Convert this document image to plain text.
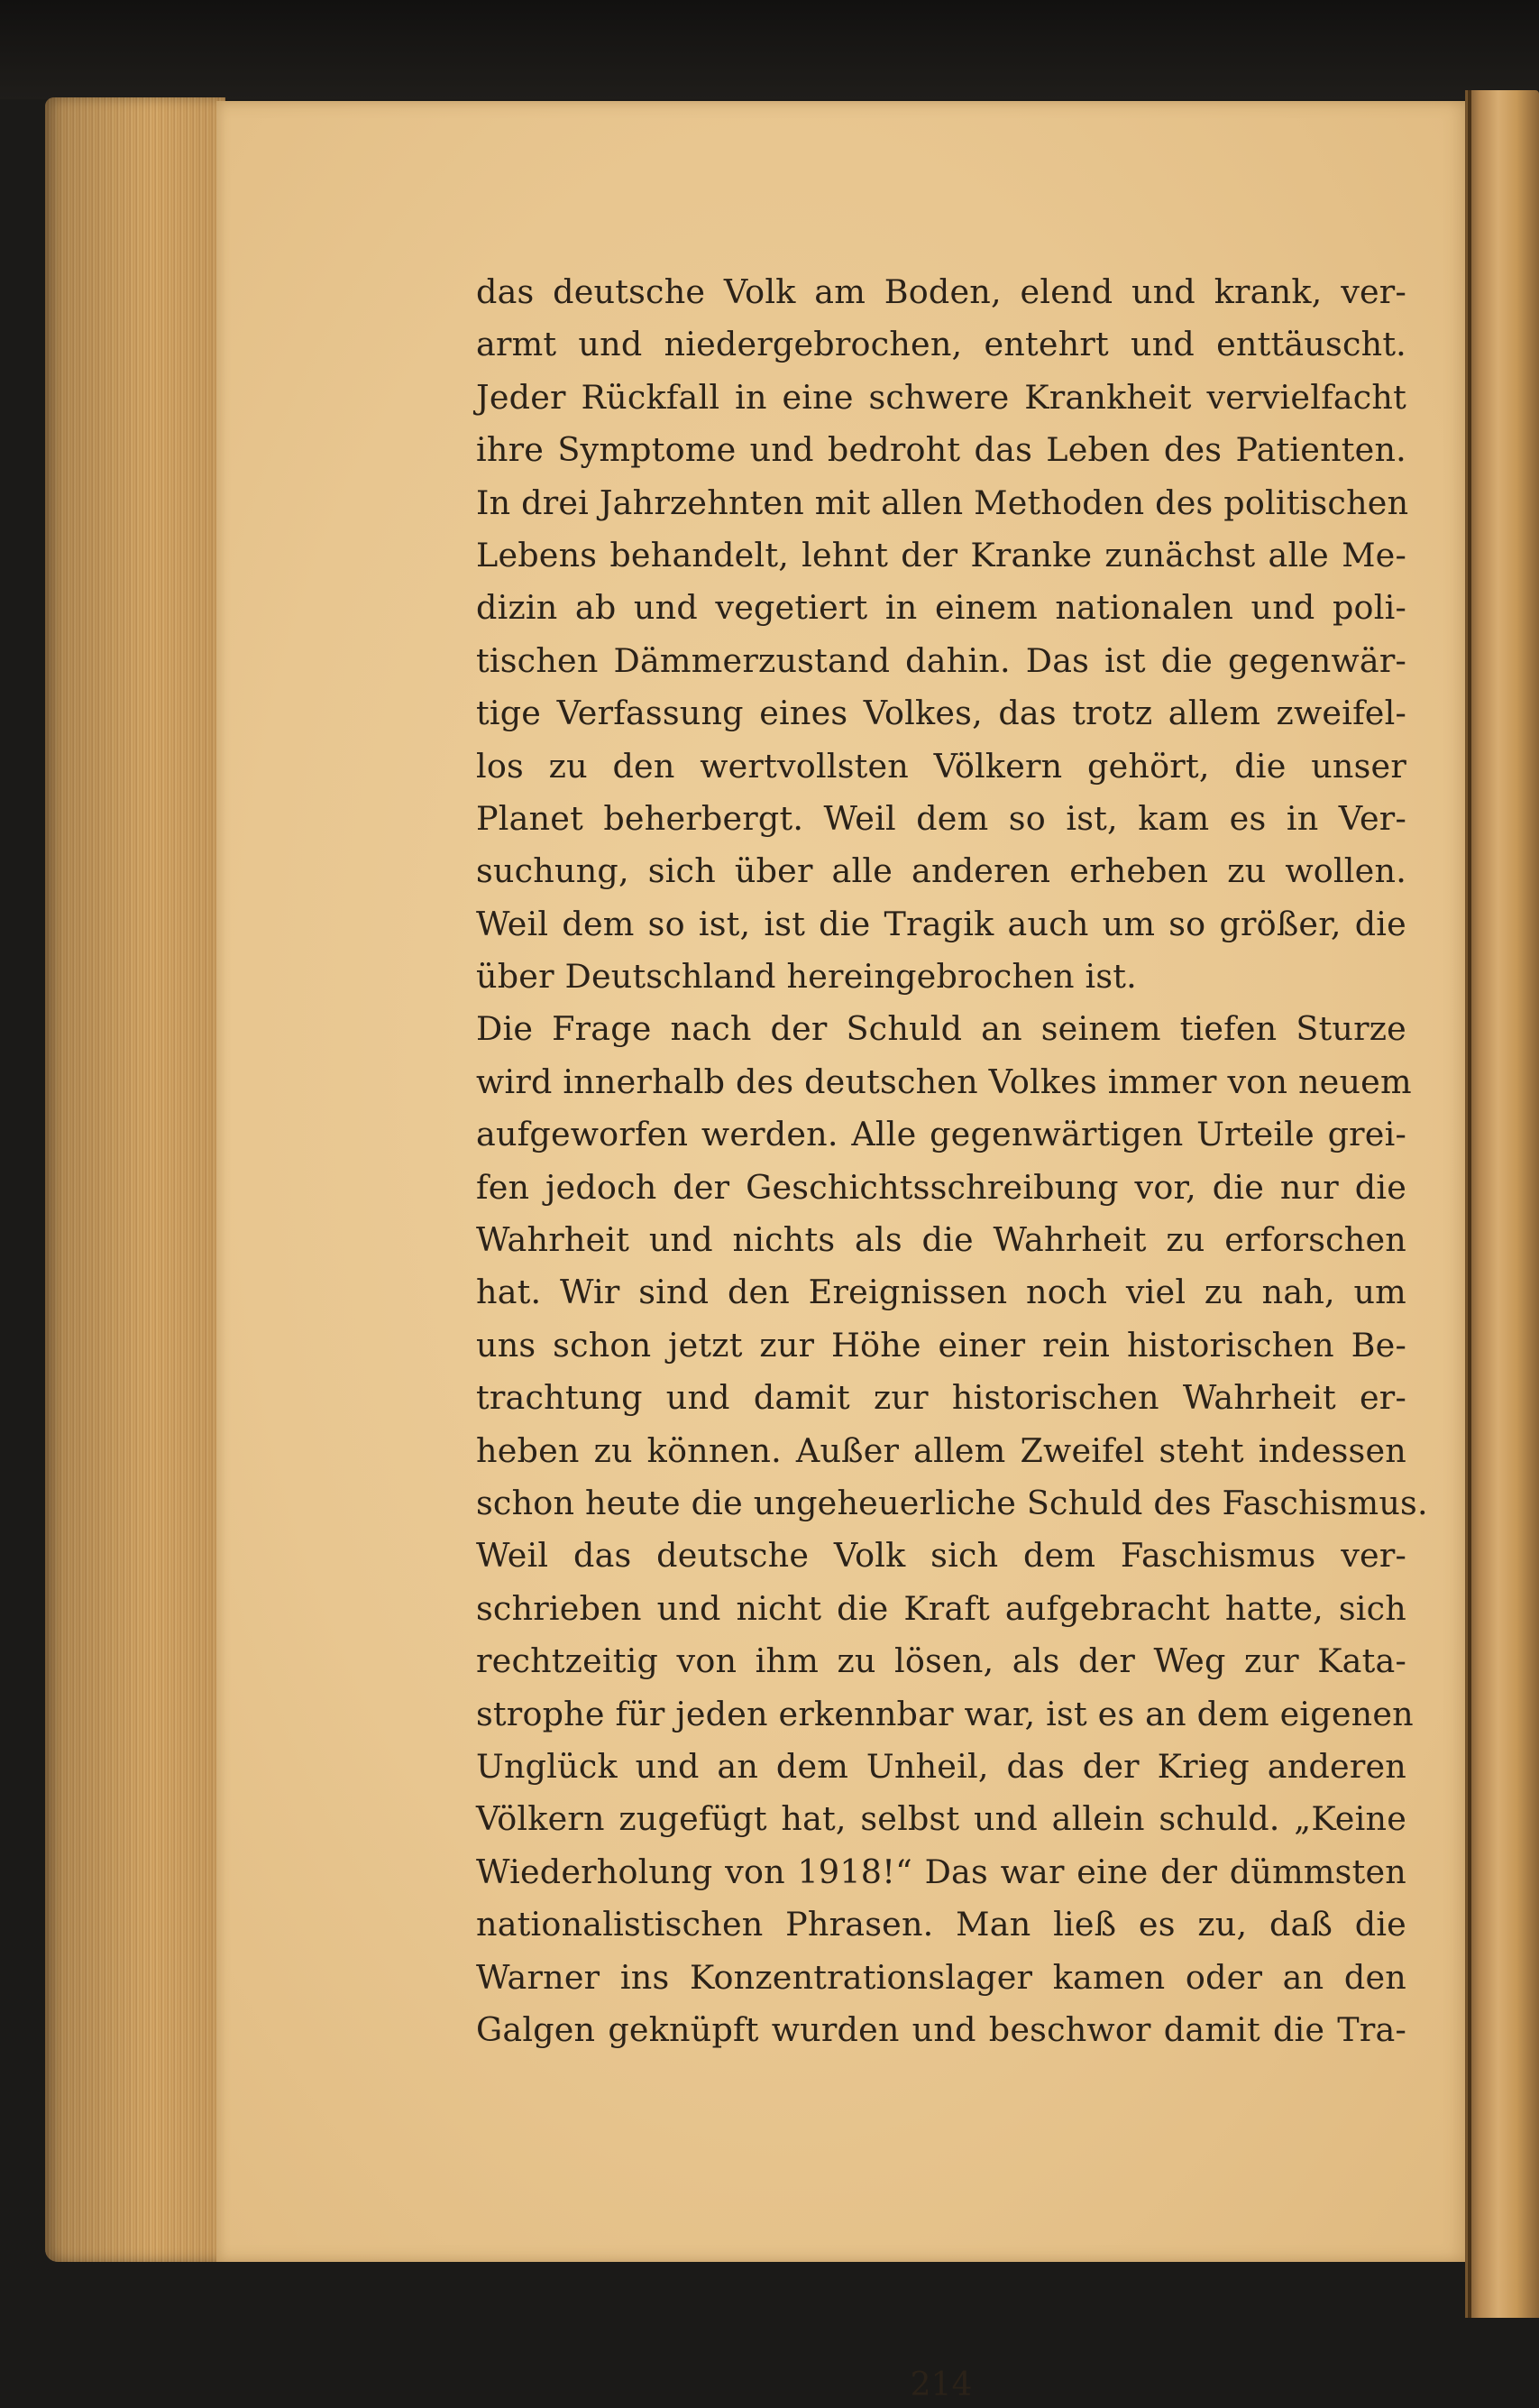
das deutsche Volk am Boden, elend und krank, ver-
armt und niedergebrochen, entehrt und enttäuscht.
Jeder Rückfall in eine schwere Krankheit vervielfacht
ihre Symptome und bedroht das Leben des Patienten.
In drei Jahrzehnten mit allen Methoden des politischen
Lebens behandelt, lehnt der Kranke zunächst alle Me-
dizin ab und vegetiert in einem nationalen und poli-
tischen Dämmerzustand dahin. Das ist die gegenwär-
tige Verfassung eines Volkes, das trotz allem zweifel-
los zu den wertvollsten Völkern gehört, die unser
Planet beherbergt. Weil dem so ist, kam es in Ver-
suchung, sich über alle anderen erheben zu wollen.
Weil dem so ist, ist die Tragik auch um so größer, die
über Deutschland hereingebrochen ist.
Die Frage nach der Schuld an seinem tiefen Sturze
wird innerhalb des deutschen Volkes immer von neuem
aufgeworfen werden. Alle gegenwärtigen Urteile grei-
fen jedoch der Geschichtsschreibung vor, die nur die
Wahrheit und nichts als die Wahrheit zu erforschen
hat. Wir sind den Ereignissen noch viel zu nah, um
uns schon jetzt zur Höhe einer rein historischen Be-
trachtung und damit zur historischen Wahrheit er-
heben zu können. Außer allem Zweifel steht indessen
schon heute die ungeheuerliche Schuld des Faschismus.
Weil das deutsche Volk sich dem Faschismus ver-
schrieben und nicht die Kraft aufgebracht hatte, sich
rechtzeitig von ihm zu lösen, als der Weg zur Kata-
strophe für jeden erkennbar war, ist es an dem eigenen
Unglück und an dem Unheil, das der Krieg anderen
Völkern zugefügt hat, selbst und allein schuld. „Keine
Wiederholung von 1918!“ Das war eine der dümmsten
nationalistischen Phrasen. Man ließ es zu, daß die
Warner ins Konzentrationslager kamen oder an den
Galgen geknüpft wurden und beschwor damit die Tra-
214
